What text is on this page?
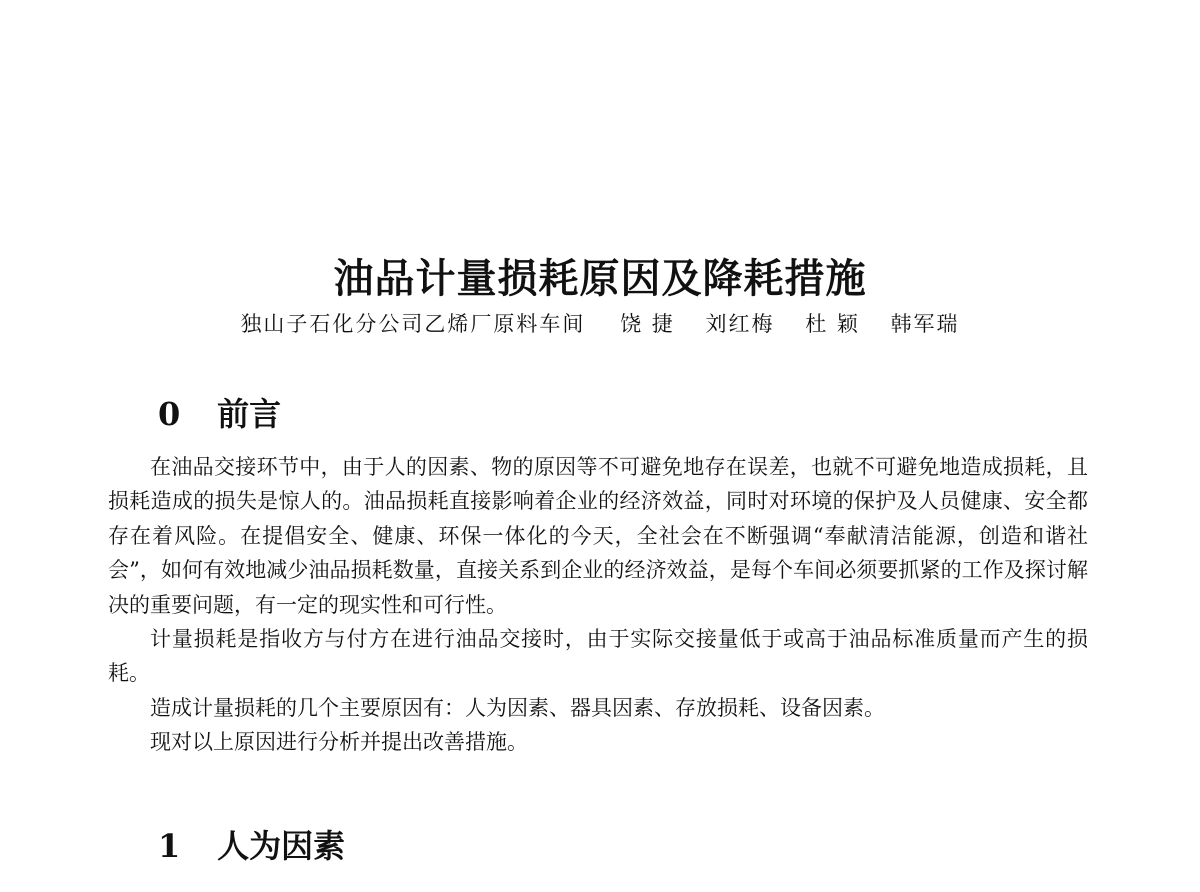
油品计量损耗原因及降耗措施
独山子石化分公司乙烯厂原料车间 饶 捷 刘红梅 杜 颖 韩军瑞
0 前言

在油品交接环节中，由于人的因素、物的原因等不可避免地存在误差，也就不可避免地造成损耗，且损耗造成的损失是惊人的。油品损耗直接影响着企业的经济效益，同时对环境的保护及人员健康、安全都存在着风险。在提倡安全、健康、环保一体化的今天，全社会在不断强调“奉献清洁能源，创造和谐社会”，如何有效地减少油品损耗数量，直接关系到企业的经济效益，是每个车间必须要抓紧的工作及探讨解决的重要问题，有一定的现实性和可行性。

计量损耗是指收方与付方在进行油品交接时，由于实际交接量低于或高于油品标准质量而产生的损耗。

造成计量损耗的几个主要原因有：人为因素、器具因素、存放损耗、设备因素。

现对以上原因进行分析并提出改善措施。

1 人为因素
